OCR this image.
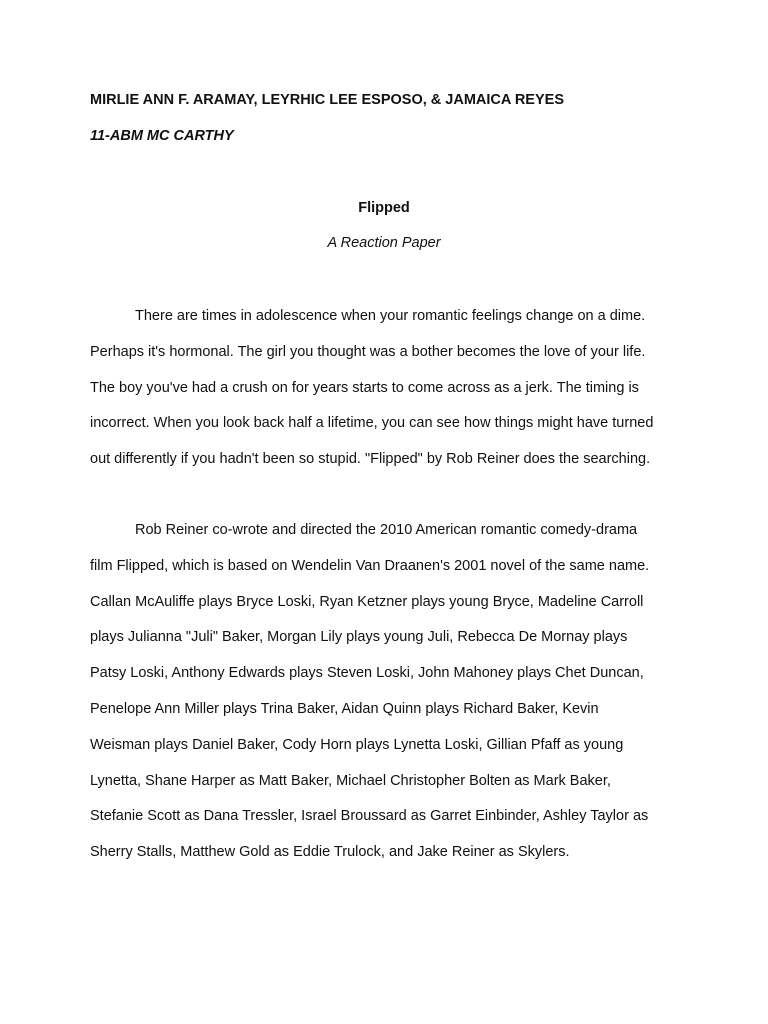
MIRLIE ANN F. ARAMAY, LEYRHIC LEE ESPOSO, & JAMAICA REYES
11-ABM MC CARTHY
Flipped
A Reaction Paper
There are times in adolescence when your romantic feelings change on a dime.
Perhaps it's hormonal. The girl you thought was a bother becomes the love of your life.
The boy you've had a crush on for years starts to come across as a jerk. The timing is
incorrect. When you look back half a lifetime, you can see how things might have turned
out differently if you hadn't been so stupid. "Flipped" by Rob Reiner does the searching.
Rob Reiner co-wrote and directed the 2010 American romantic comedy-drama
film Flipped, which is based on Wendelin Van Draanen's 2001 novel of the same name.
Callan McAuliffe plays Bryce Loski, Ryan Ketzner plays young Bryce, Madeline Carroll
plays Julianna "Juli" Baker, Morgan Lily plays young Juli, Rebecca De Mornay plays
Patsy Loski, Anthony Edwards plays Steven Loski, John Mahoney plays Chet Duncan,
Penelope Ann Miller plays Trina Baker, Aidan Quinn plays Richard Baker, Kevin
Weisman plays Daniel Baker, Cody Horn plays Lynetta Loski, Gillian Pfaff as young
Lynetta, Shane Harper as Matt Baker, Michael Christopher Bolten as Mark Baker,
Stefanie Scott as Dana Tressler, Israel Broussard as Garret Einbinder, Ashley Taylor as
Sherry Stalls, Matthew Gold as Eddie Trulock, and Jake Reiner as Skylers.
